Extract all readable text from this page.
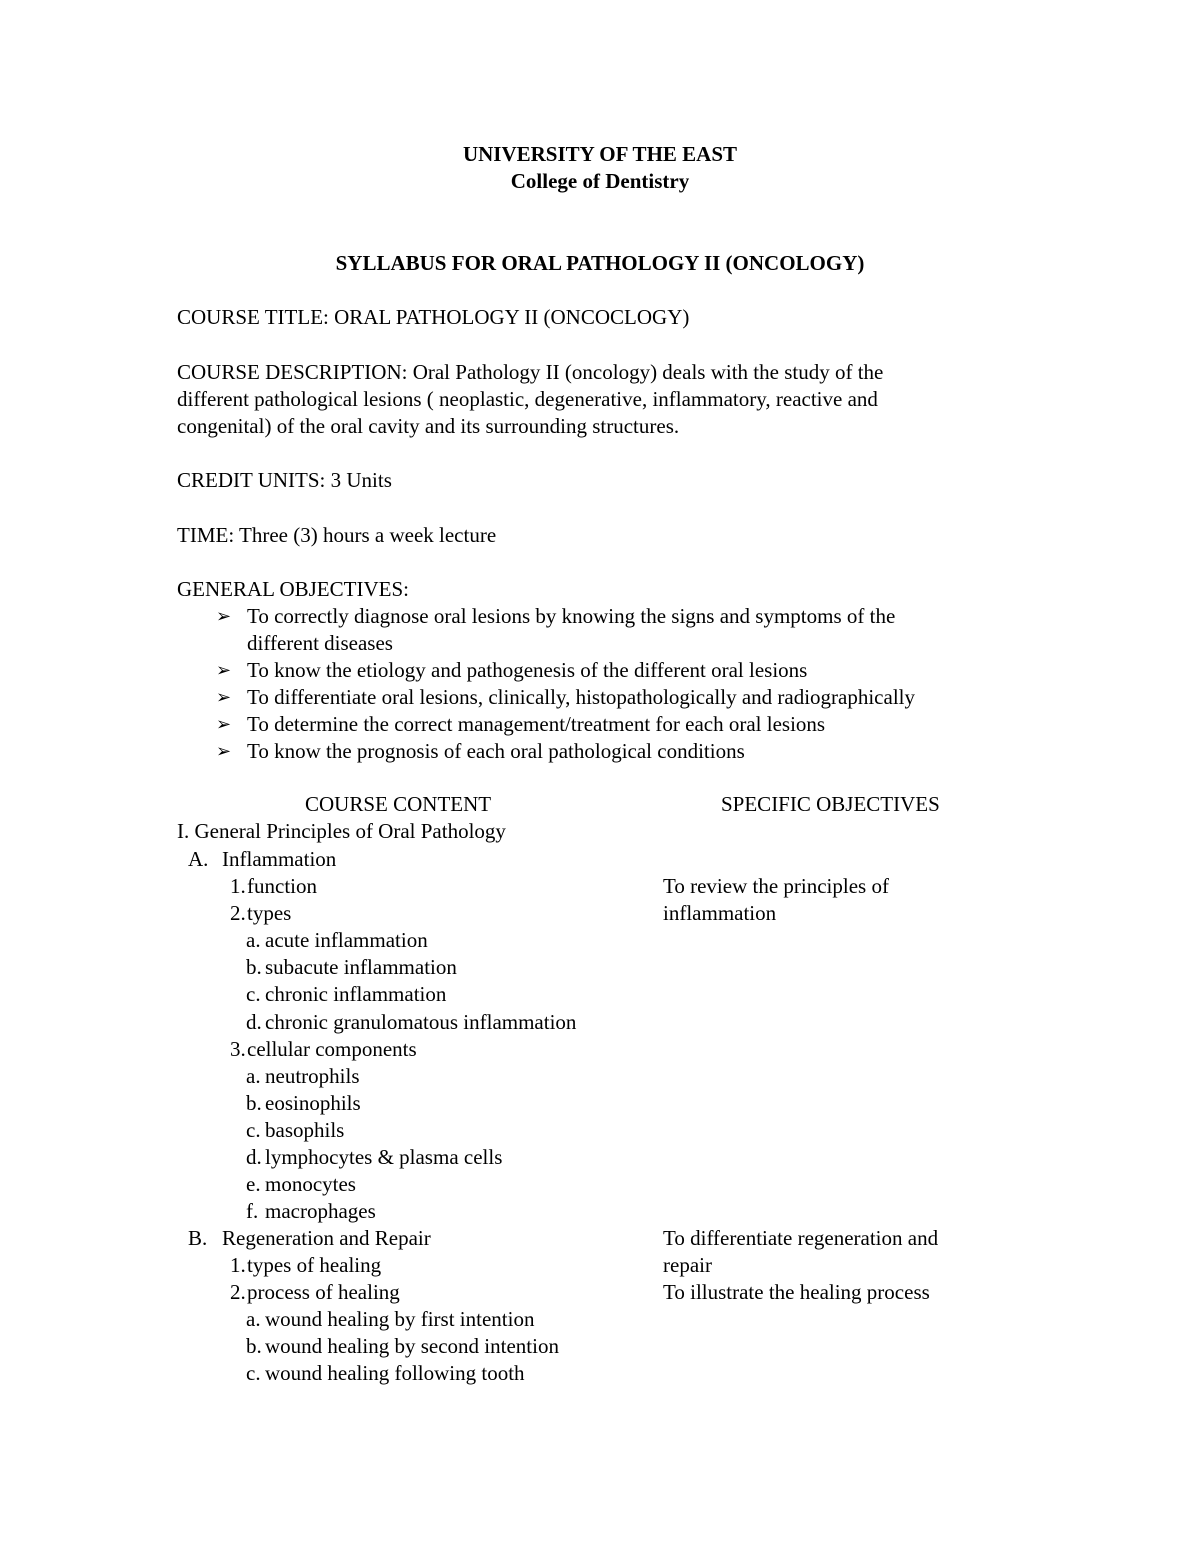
UNIVERSITY OF THE EAST
College of Dentistry
SYLLABUS FOR ORAL PATHOLOGY II (ONCOLOGY)
COURSE TITLE: ORAL PATHOLOGY II (ONCOCLOGY)
COURSE DESCRIPTION: Oral Pathology II (oncology) deals with the study of the
different pathological lesions ( neoplastic, degenerative, inflammatory, reactive and
congenital) of the oral cavity and its surrounding structures.
CREDIT UNITS: 3 Units
TIME: Three (3) hours a week lecture
GENERAL OBJECTIVES:
➢ To correctly diagnose oral lesions by knowing the signs and symptoms of the
different diseases
➢ To know the etiology and pathogenesis of the different oral lesions
➢ To differentiate oral lesions, clinically, histopathologically and radiographically
➢ To determine the correct management/treatment for each oral lesions
➢ To know the prognosis of each oral pathological conditions
COURSE CONTENT	SPECIFIC OBJECTIVES
I. General Principles of Oral Pathology
A. Inflammation
1. function
2. types
a. acute inflammation
b. subacute inflammation
c. chronic inflammation
d. chronic granulomatous inflammation
3. cellular components
a. neutrophils
b. eosinophils
c. basophils
d. lymphocytes & plasma cells
e. monocytes
f. macrophages
B. Regeneration and Repair
1. types of healing
2. process of healing
a. wound healing by first intention
b. wound healing by second intention
c. wound healing following tooth
To review the principles of
inflammation
To differentiate regeneration and
repair
To illustrate the healing process
